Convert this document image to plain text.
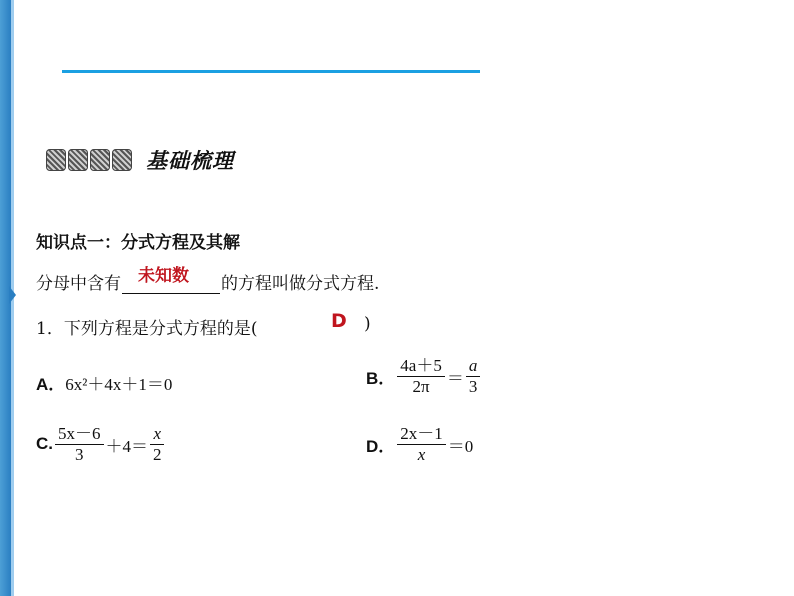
基础梳理
知识点一：分式方程及其解
分母中含有 未知数 的方程叫做分式方程.
1．下列方程是分式方程的是(	D )
A． 6x²＋4x＋1＝0	B． $\frac{4a+5}{2\pi} = \frac{a}{3}$
C. $\frac{5x-6}{3} +4= \frac{x}{2}$	D． $\frac{2x-1}{x} =0$
